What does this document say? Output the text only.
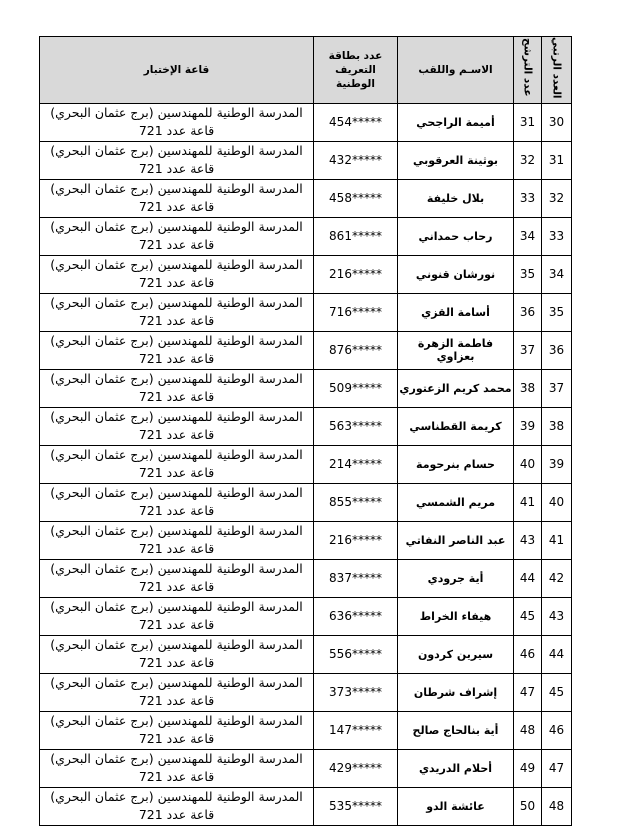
العدد الرتبي	عدد الترشح	الاسـم واللقب	عدد بطاقة التعريف الوطنية	قاعة الإختبار
30	31	أميمة الراجحي	454*****	المدرسة الوطنية للمهندسين (برج عثمان البحري)
قاعة عدد 721

31	32	بوثينة العرقوبي	432*****	المدرسة الوطنية للمهندسين (برج عثمان البحري)
قاعة عدد 721

32	33	بلال خليفة	458*****	المدرسة الوطنية للمهندسين (برج عثمان البحري)
قاعة عدد 721

33	34	رحاب حمداني	861*****	المدرسة الوطنية للمهندسين (برج عثمان البحري)
قاعة عدد 721

34	35	نورشان قنوني	216*****	المدرسة الوطنية للمهندسين (برج عثمان البحري)
قاعة عدد 721

35	36	أسامة القزي	716*****	المدرسة الوطنية للمهندسين (برج عثمان البحري)
قاعة عدد 721

36	37	فاطمة الزهرة بعزاوي	876*****	المدرسة الوطنية للمهندسين (برج عثمان البحري)
قاعة عدد 721

37	38	محمد كريم الزعتوري	509*****	المدرسة الوطنية للمهندسين (برج عثمان البحري)
قاعة عدد 721

38	39	كريمة القطناسي	563*****	المدرسة الوطنية للمهندسين (برج عثمان البحري)
قاعة عدد 721

39	40	حسام بنرحومة	214*****	المدرسة الوطنية للمهندسين (برج عثمان البحري)
قاعة عدد 721

40	41	مريم الشمسي	855*****	المدرسة الوطنية للمهندسين (برج عثمان البحري)
قاعة عدد 721

41	43	عبد الناصر النفاتي	216*****	المدرسة الوطنية للمهندسين (برج عثمان البحري)
قاعة عدد 721

42	44	أية جرودي	837*****	المدرسة الوطنية للمهندسين (برج عثمان البحري)
قاعة عدد 721

43	45	هيفاء الخراط	636*****	المدرسة الوطنية للمهندسين (برج عثمان البحري)
قاعة عدد 721

44	46	سيرين كردون	556*****	المدرسة الوطنية للمهندسين (برج عثمان البحري)
قاعة عدد 721

45	47	إشراف شرطان	373*****	المدرسة الوطنية للمهندسين (برج عثمان البحري)
قاعة عدد 721

46	48	أية بنالحاج صالح	147*****	المدرسة الوطنية للمهندسين (برج عثمان البحري)
قاعة عدد 721

47	49	أحلام الدريدي	429*****	المدرسة الوطنية للمهندسين (برج عثمان البحري)
قاعة عدد 721

48	50	عائشة الدو	535*****	المدرسة الوطنية للمهندسين (برج عثمان البحري)
قاعة عدد 721
